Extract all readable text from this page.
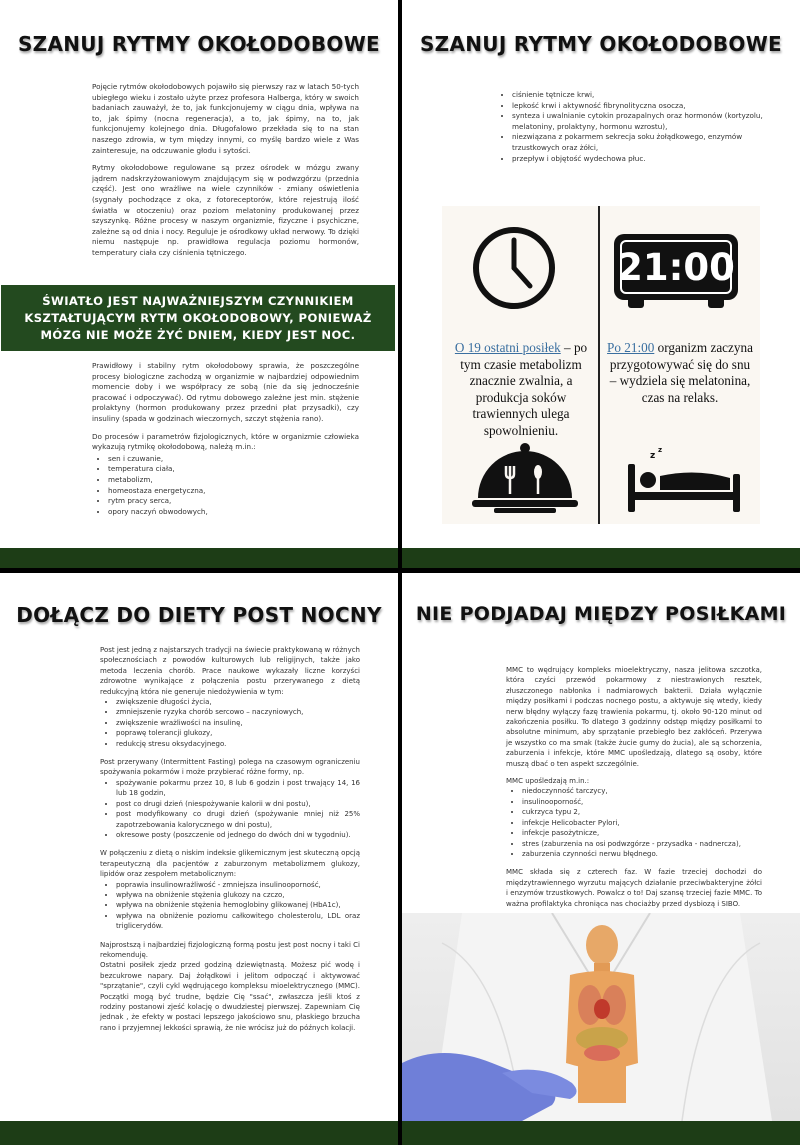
SZANUJ RYTMY OKOŁODOBOWE

Pojęcie rytmów okołodobowych pojawiło się pierwszy raz w latach 50-tych ubiegłego wieku i zostało użyte przez profesora Halberga, który w swoich badaniach zauważył, że to, jak funkcjonujemy w ciągu dnia, wpływa na to, jak śpimy (nocna regeneracja), a to, jak śpimy, na to, jak funkcjonujemy kolejnego dnia. Długofalowo przekłada się to na stan naszego zdrowia, w tym między innymi, co myślę bardzo wiele z Was zainteresuje, na odczuwanie głodu i sytości.

Rytmy okołodobowe regulowane są przez ośrodek w mózgu zwany jądrem nadskrzyżowaniowym znajdującym się w podwzgórzu (przednia część). Jest ono wrażliwe na wiele czynników - zmiany oświetlenia (sygnały pochodzące z oka, z fotoreceptorów, które rejestrują ilość światła w otoczeniu) oraz poziom melatoniny produkowanej przez szyszynkę. Różne procesy w naszym organizmie, fizyczne i psychiczne, zależne są od dnia i nocy. Reguluje je ośrodkowy układ nerwowy. To dzięki niemu następuje np. prawidłowa regulacja poziomu hormonów, temperatury ciała czy ciśnienia tętniczego.

ŚWIATŁO JEST NAJWAŻNIEJSZYM CZYNNIKIEM KSZTAŁTUJĄCYM RYTM OKOŁODOBOWY, PONIEWAŻ MÓZG NIE MOŻE ŻYĆ DNIEM, KIEDY JEST NOC.

Prawidłowy i stabilny rytm okołodobowy sprawia, że poszczególne procesy biologiczne zachodzą w organizmie w najbardziej odpowiednim momencie doby i we współpracy ze sobą (nie da się jednocześnie pracować i odpoczywać). Od rytmu dobowego zależne jest min. stężenie prolaktyny (hormon produkowany przez przedni płat przysadki), czy insuliny (spada w godzinach wieczornych, szczyt stężenia rano).

Do procesów i parametrów fizjologicznych, które w organizmie człowieka wykazują rytmikę okołodobową, należą m.in.:

• sen i czuwanie,
• temperatura ciała,
• metabolizm,
• homeostaza energetyczna,
• rytm pracy serca,
• opory naczyń obwodowych,
SZANUJ RYTMY OKOŁODOBOWE
• ciśnienie tętnicze krwi,
• lepkość krwi i aktywność fibrynolityczna osocza,
• synteza i uwalnianie cytokin prozapalnych oraz hormonów (kortyzolu, melatoniny, prolaktyny, hormonu wzrostu),
• niezwiązana z pokarmem sekrecja soku żołądkowego, enzymów trzustkowych oraz żółci,
• przepływ i objętość wydechowa płuc.
21:00
O 19 ostatni posiłek – po tym czasie metabolizm znacznie zwalnia, a produkcja soków trawiennych ulega spowolnieniu.
Po 21:00 organizm zaczyna przygotowywać się do snu – wydziela się melatonina, czas na relaks.
z
z
DOŁĄCZ DO DIETY POST NOCNY

Post jest jedną z najstarszych tradycji na świecie praktykowaną w różnych społecznościach z powodów kulturowych lub religijnych, także jako metoda leczenia chorób. Prace naukowe wykazały liczne korzyści zdrowotne wynikające z połączenia postu przerywanego z dietą redukcyjną która nie generuje niedożywienia w tym:

• zwiększenie długości życia,
• zmniejszenie ryzyka chorób sercowo – naczyniowych,
• zwiększenie wrażliwości na insulinę,
• poprawę tolerancji glukozy,
• redukcję stresu oksydacyjnego.

Post przerywany (Intermittent Fasting) polega na czasowym ograniczeniu spożywania pokarmów i może przybierać różne formy, np.

• spożywanie pokarmu przez 10, 8 lub 6 godzin i post trwający 14, 16 lub 18 godzin,
• post co drugi dzień (niespożywanie kalorii w dni postu),
• post modyfikowany co drugi dzień (spożywanie mniej niż 25% zapotrzebowania kalorycznego w dni postu),
• okresowe posty (poszczenie od jednego do dwóch dni w tygodniu).

W połączeniu z dietą o niskim indeksie glikemicznym jest skuteczną opcją terapeutyczną dla pacjentów z zaburzonym metabolizmem glukozy, lipidów oraz zespołem metabolicznym:

• poprawia insulinowrażliwość - zmniejsza insulinooporność,
• wpływa na obniżenie stężenia glukozy na czczo,
• wpływa na obniżenie stężenia hemoglobiny glikowanej (HbA1c),
• wpływa na obniżenie poziomu całkowitego cholesterolu, LDL oraz triglicerydów.

Najprostszą i najbardziej fizjologiczną formą postu jest post nocny i taki Ci rekomenduję.

Ostatni posiłek zjedz przed godziną dziewiętnastą. Możesz pić wodę i bezcukrowe napary. Daj żołądkowi i jelitom odpocząć i aktywować "sprzątanie", czyli cykl wędrującego kompleksu mioelektrycznego (MMC). Początki mogą być trudne, będzie Cię "ssać", zwłaszcza jeśli ktoś z rodziny postanowi zjeść kolację o dwudziestej pierwszej. Zapewniam Cię jednak , że efekty w postaci lepszego jakościowo snu, płaskiego brzucha rano i przyjemnej lekkości sprawią, że nie wrócisz już do późnych kolacji.

NIE PODJADAJ MIĘDZY POSIŁKAMI

MMC to wędrujący kompleks mioelektryczny, nasza jelitowa szczotka, która czyści przewód pokarmowy z niestrawionych resztek, złuszczonego nabłonka i nadmiarowych bakterii. Działa wyłącznie między posiłkami i podczas nocnego postu, a aktywuje się wtedy, kiedy nerw błędny wyłączy fazę trawienia pokarmu, tj. około 90-120 minut od zakończenia posiłku. To dlatego 3 godzinny odstęp między posiłkami to absolutne minimum, aby sprzątanie przebiegło bez zakłóceń. Przerywa je wszystko co ma smak (także żucie gumy do żucia), ale są schorzenia, zaburzenia i infekcje, które MMC upośledzają, dlatego są osoby, które muszą dbać o ten aspekt szczególnie.

MMC upośledzają m.in.:

• niedoczynność tarczycy,
• insulinooporność,
• cukrzyca typu 2,
• infekcje Helicobacter Pylori,
• infekcje pasożytnicze,
• stres (zaburzenia na osi podwzgórze - przysadka - nadnercza),
• zaburzenia czynności nerwu błędnego.

MMC składa się z czterech faz. W fazie trzeciej dochodzi do międzytrawiennego wyrzutu mających działanie przeciwbakteryjne żółci i enzymów trzustkowych. Powalcz o to! Daj szansę trzeciej fazie MMC. To ważna profilaktyka chroniąca nas chociażby przed dysbiozą i SIBO.
